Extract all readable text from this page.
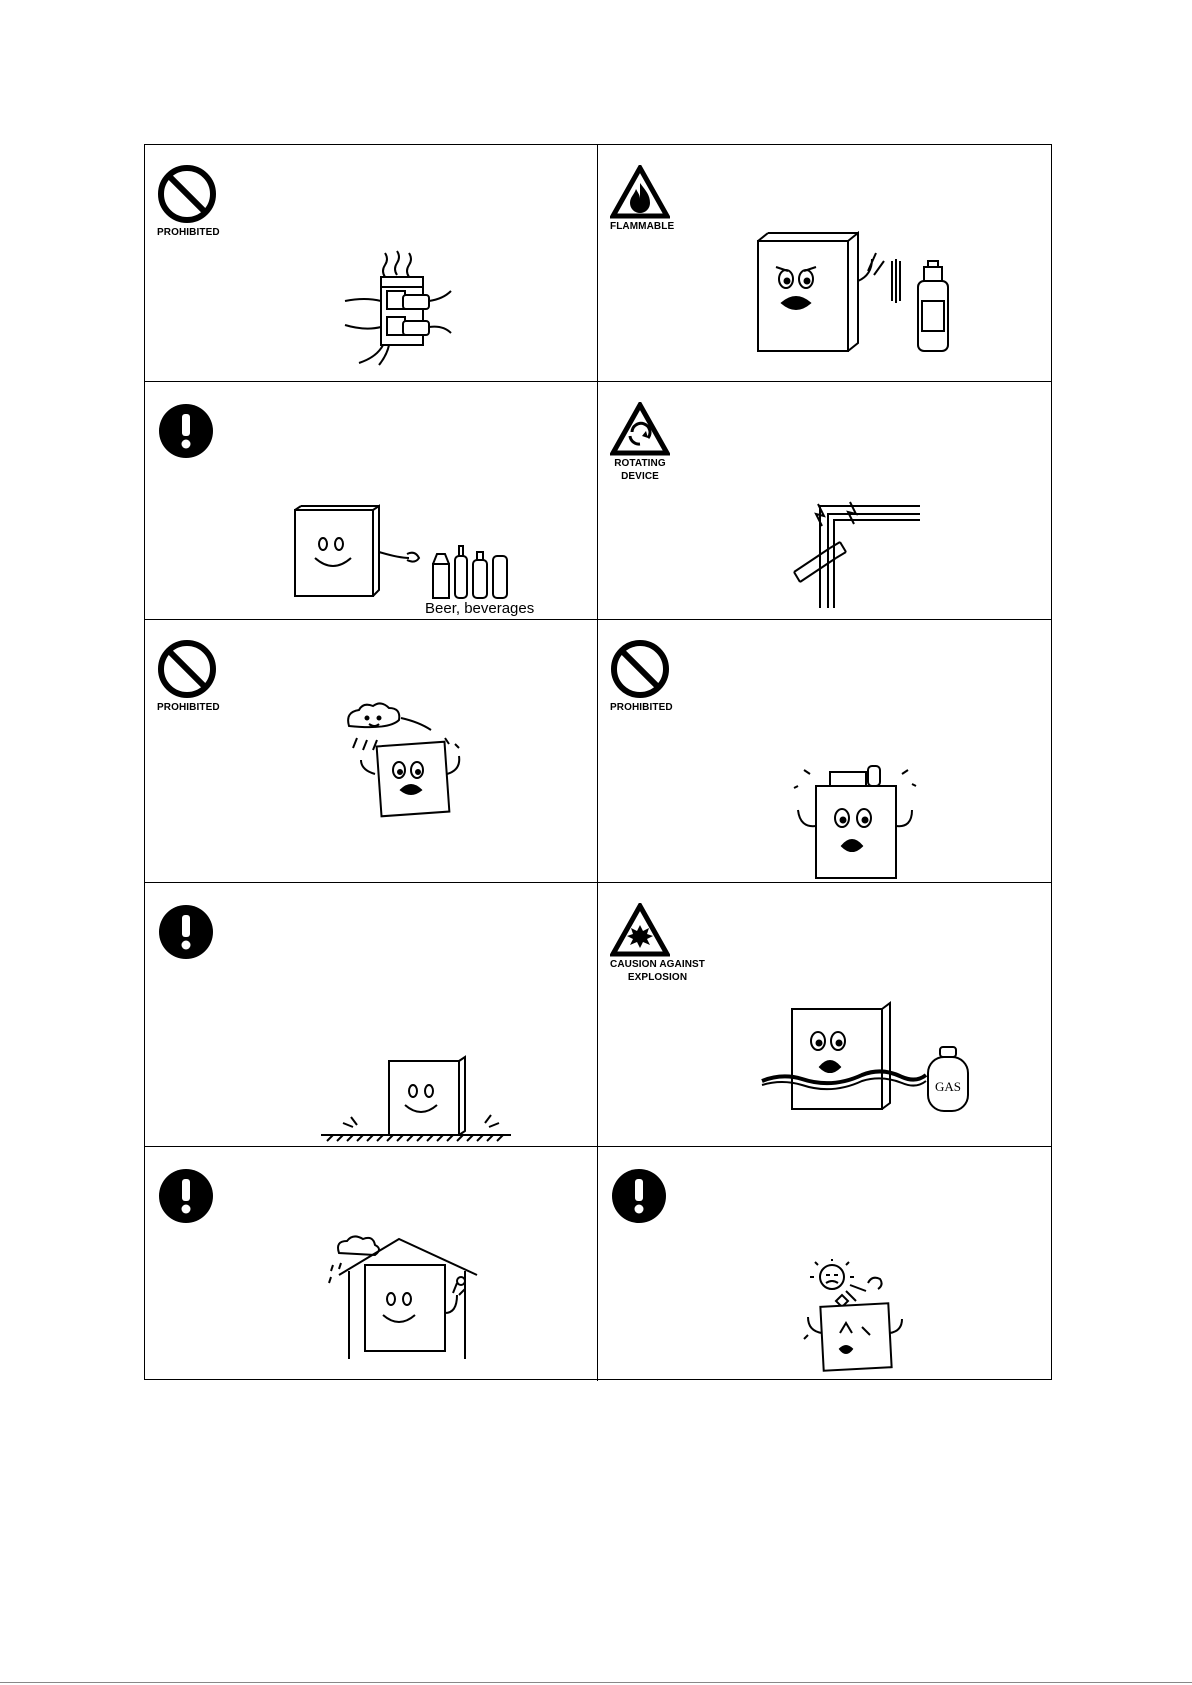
PROHIBITED
FLAMMABLE
Beer, beverages
ROTATING
DEVICE
PROHIBITED	PROHIBITED
CAUSION AGAINST
EXPLOSION
GAS
